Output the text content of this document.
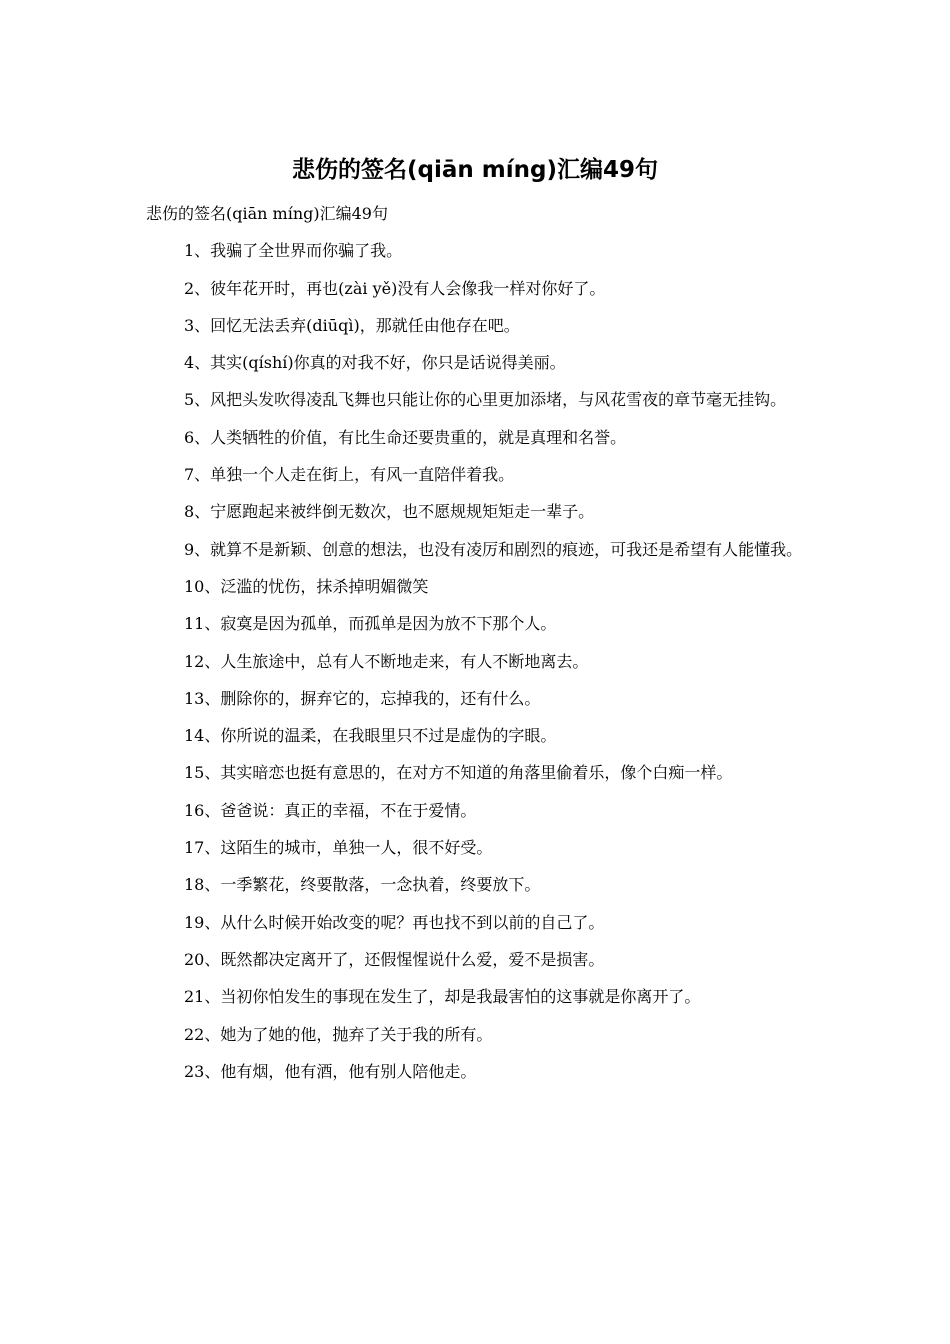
悲伤的签名(qiān míng)汇编49句

悲伤的签名(qiān míng)汇编49句

1、我骗了全世界而你骗了我。

2、彼年花开时，再也(zài yě)没有人会像我一样对你好了。

3、回忆无法丢弃(diūqì)，那就任由他存在吧。

4、其实(qíshí)你真的对我不好，你只是话说得美丽。

5、风把头发吹得凌乱飞舞也只能让你的心里更加添堵，与风花雪夜的章节毫无挂钩。

6、人类牺牲的价值，有比生命还要贵重的，就是真理和名誉。

7、单独一个人走在街上，有风一直陪伴着我。

8、宁愿跑起来被绊倒无数次，也不愿规规矩矩走一辈子。

9、就算不是新颖、创意的想法，也没有凌厉和剧烈的痕迹，可我还是希望有人能懂我。

10、泛滥的忧伤，抹杀掉明媚微笑

11、寂寞是因为孤单，而孤单是因为放不下那个人。

12、人生旅途中，总有人不断地走来，有人不断地离去。

13、删除你的，摒弃它的，忘掉我的，还有什么。

14、你所说的温柔，在我眼里只不过是虚伪的字眼。

15、其实暗恋也挺有意思的，在对方不知道的角落里偷着乐，像个白痴一样。

16、爸爸说：真正的幸福，不在于爱情。

17、这陌生的城市，单独一人，很不好受。

18、一季繁花，终要散落，一念执着，终要放下。

19、从什么时候开始改变的呢？再也找不到以前的自己了。

20、既然都决定离开了，还假惺惺说什么爱，爱不是损害。

21、当初你怕发生的事现在发生了，却是我最害怕的这事就是你离开了。

22、她为了她的他，抛弃了关于我的所有。

23、他有烟，他有酒，他有别人陪他走。
